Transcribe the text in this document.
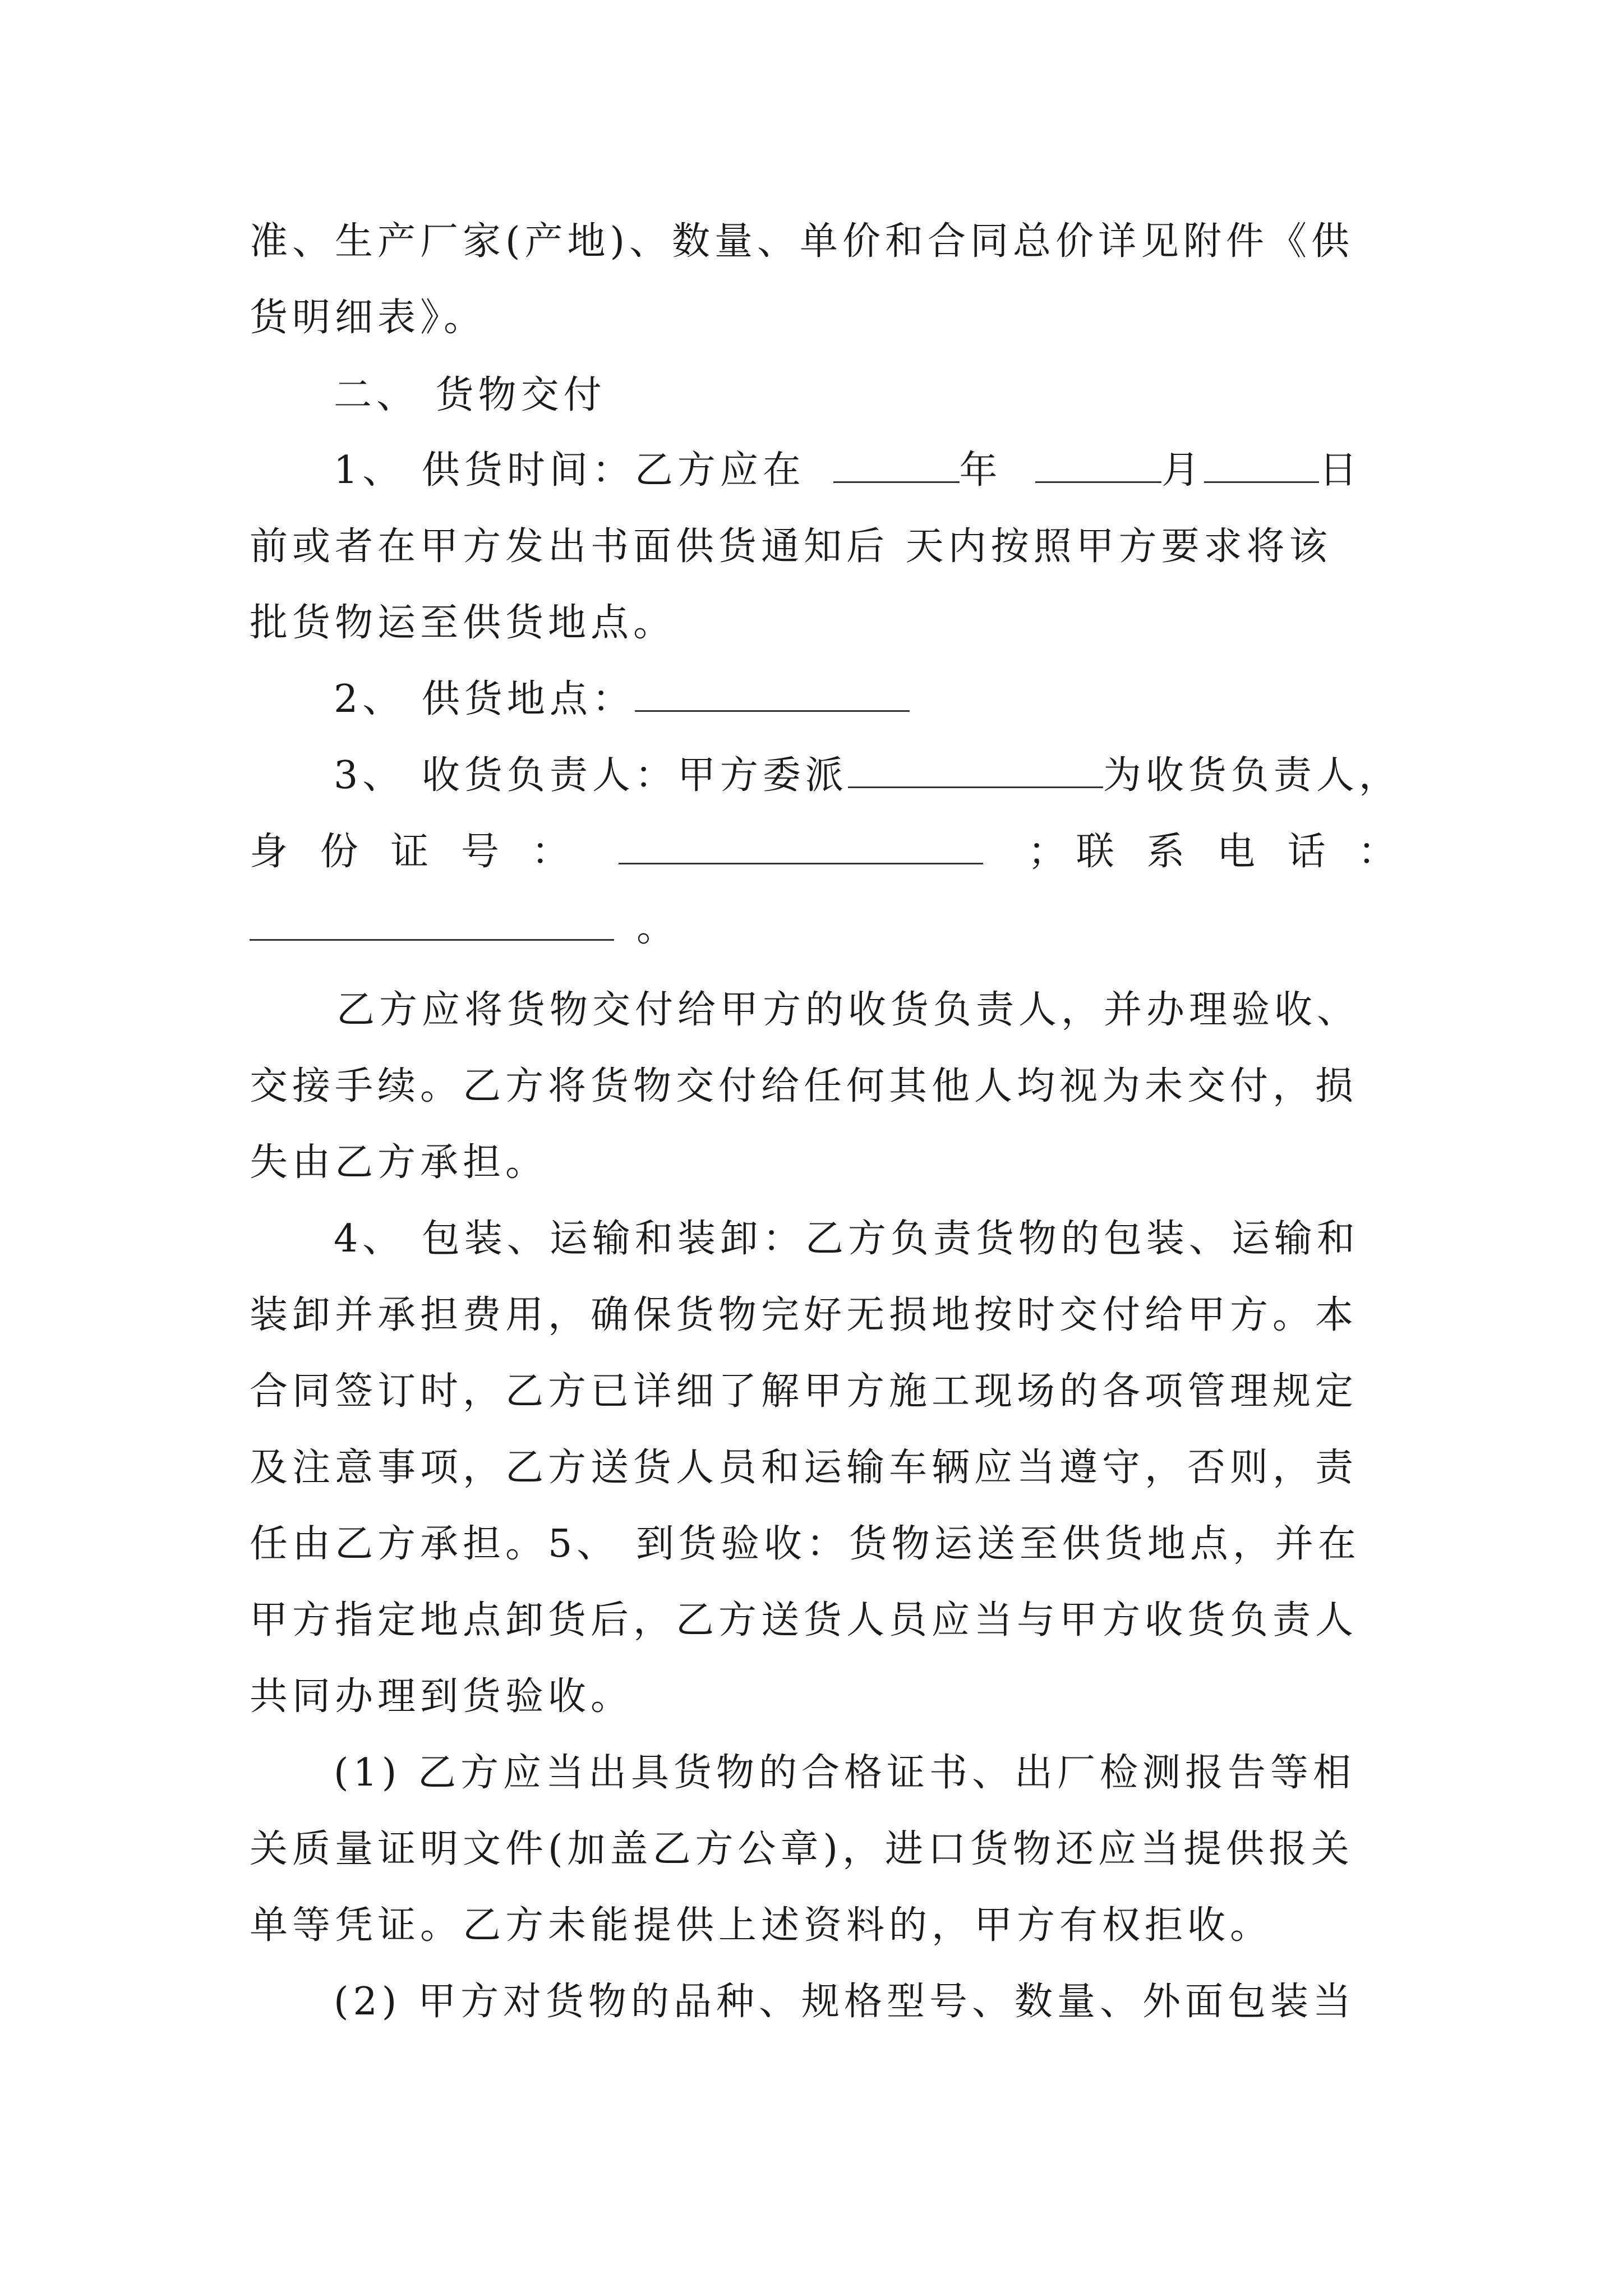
准、生产厂家(产地)、数量、单价和合同总价详见附件《供
货明细表》。
二、 货物交付
1、 供货时间：乙方应在	年	月	日
前或者在甲方发出书面供货通知后 天内按照甲方要求将该
批货物运至供货地点。
2、 供货地点：
3、 收货负责人：甲方委派	为收货负责人，
身 份 证 号 ：	；联 系 电 话 ：
。
乙方应将货物交付给甲方的收货负责人，并办理验收、
交接手续。乙方将货物交付给任何其他人均视为未交付，损
失由乙方承担。
4、 包装、运输和装卸：乙方负责货物的包装、运输和
装卸并承担费用，确保货物完好无损地按时交付给甲方。本
合同签订时，乙方已详细了解甲方施工现场的各项管理规定
及注意事项，乙方送货人员和运输车辆应当遵守，否则，责
任由乙方承担。5、 到货验收：货物运送至供货地点，并在
甲方指定地点卸货后，乙方送货人员应当与甲方收货负责人
共同办理到货验收。
(1) 乙方应当出具货物的合格证书、出厂检测报告等相
关质量证明文件(加盖乙方公章)，进口货物还应当提供报关
单等凭证。乙方未能提供上述资料的，甲方有权拒收。
(2) 甲方对货物的品种、规格型号、数量、外面包装当
